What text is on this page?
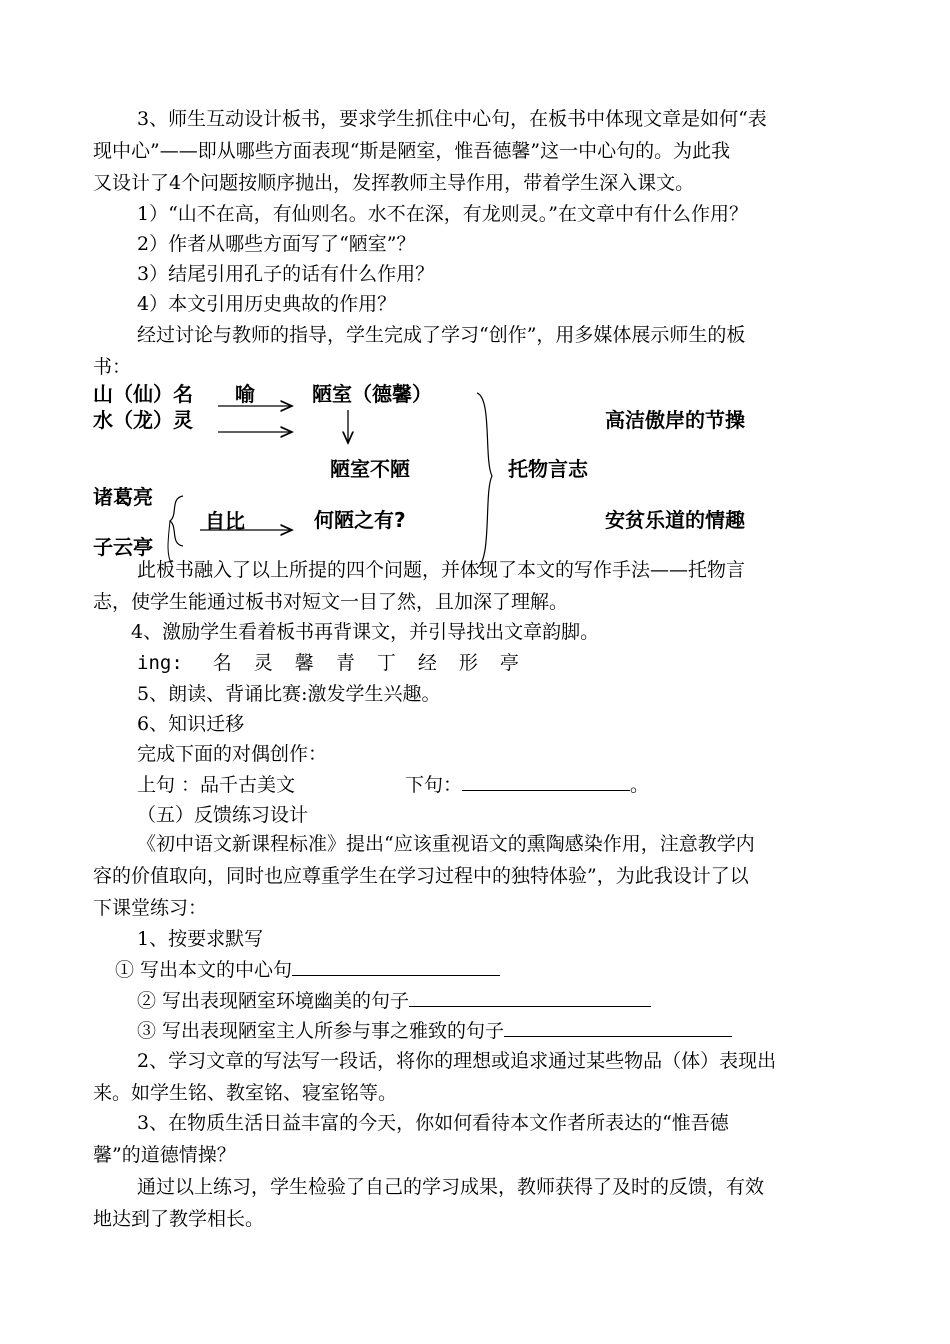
3、师生互动设计板书，要求学生抓住中心句，在板书中体现文章是如何“表
现中心”——即从哪些方面表现“斯是陋室，惟吾德馨”这一中心句的。为此我
又设计了4个问题按顺序抛出，发挥教师主导作用，带着学生深入课文。
1）“山不在高，有仙则名。水不在深，有龙则灵。”在文章中有什么作用？
2）作者从哪些方面写了“陋室”？
3）结尾引用孔子的话有什么作用？
4）本文引用历史典故的作用？
经过讨论与教师的指导，学生完成了学习“创作”，用多媒体展示师生的板
书：
山（仙）名
水（龙）灵
喻	陋室（德馨）
陋室不陋
何陋之有?
诸葛亮
子云亭
自比
托物言志
高洁傲岸的节操
安贫乐道的情趣
此板书融入了以上所提的四个问题，并体现了本文的写作手法——托物言
志，使学生能通过板书对短文一目了然，且加深了理解。
4、激励学生看着板书再背课文，并引导找出文章韵脚。
ing: 名灵馨青丁经形亭
5、朗读、背诵比赛:激发学生兴趣。
6、知识迁移
完成下面的对偶创作：
上句 ：品千古美文	下句：	。
（五）反馈练习设计
《初中语文新课程标准》提出“应该重视语文的熏陶感染作用，注意教学内
容的价值取向，同时也应尊重学生在学习过程中的独特体验”，为此我设计了以
下课堂练习：
1、按要求默写
① 写出本文的中心句
② 写出表现陋室环境幽美的句子
③ 写出表现陋室主人所参与事之雅致的句子
2、学习文章的写法写一段话，将你的理想或追求通过某些物品（体）表现出
来。如学生铭、教室铭、寝室铭等。
3、在物质生活日益丰富的今天，你如何看待本文作者所表达的“惟吾德
馨”的道德情操？
通过以上练习，学生检验了自己的学习成果，教师获得了及时的反馈，有效
地达到了教学相长。
